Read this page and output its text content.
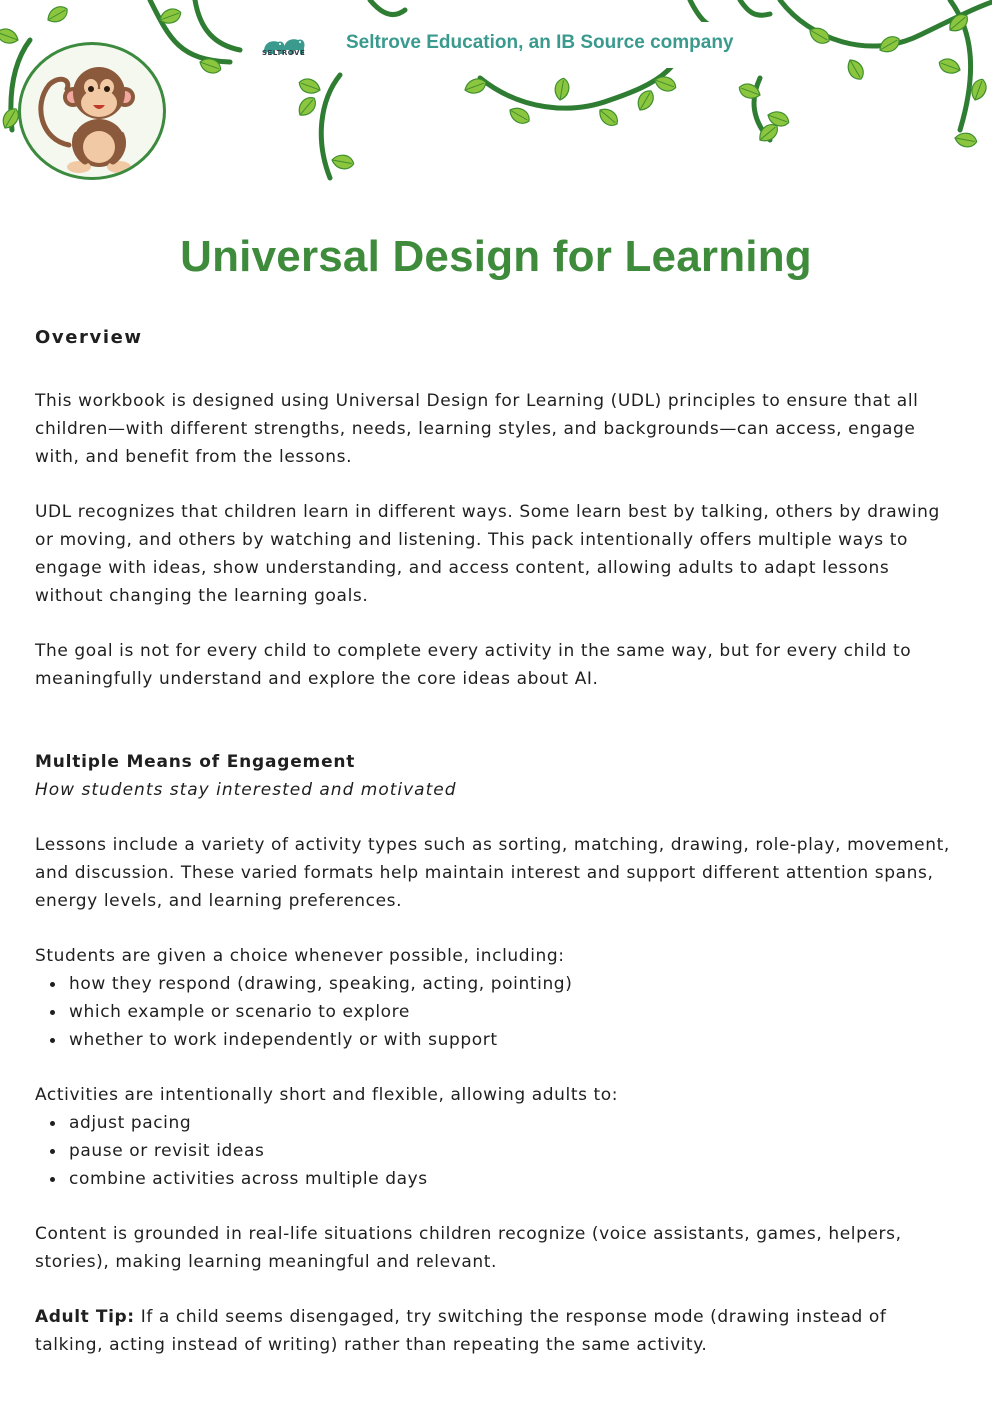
SELTROVE Seltrove Education, an IB Source company
Universal Design for Learning
Overview

This workbook is designed using Universal Design for Learning (UDL) principles to ensure that all children—with different strengths, needs, learning styles, and backgrounds—can access, engage with, and benefit from the lessons.

UDL recognizes that children learn in different ways. Some learn best by talking, others by drawing or moving, and others by watching and listening. This pack intentionally offers multiple ways to engage with ideas, show understanding, and access content, allowing adults to adapt lessons without changing the learning goals.

The goal is not for every child to complete every activity in the same way, but for every child to meaningfully understand and explore the core ideas about AI.

Multiple Means of Engagement
How students stay interested and motivated

Lessons include a variety of activity types such as sorting, matching, drawing, role-play, movement, and discussion. These varied formats help maintain interest and support different attention spans, energy levels, and learning preferences.

Students are given a choice whenever possible, including:

how they respond (drawing, speaking, acting, pointing)
which example or scenario to explore
whether to work independently or with support

Activities are intentionally short and flexible, allowing adults to:

adjust pacing
pause or revisit ideas
combine activities across multiple days

Content is grounded in real-life situations children recognize (voice assistants, games, helpers, stories), making learning meaningful and relevant.

Adult Tip: If a child seems disengaged, try switching the response mode (drawing instead of talking, acting instead of writing) rather than repeating the same activity.
